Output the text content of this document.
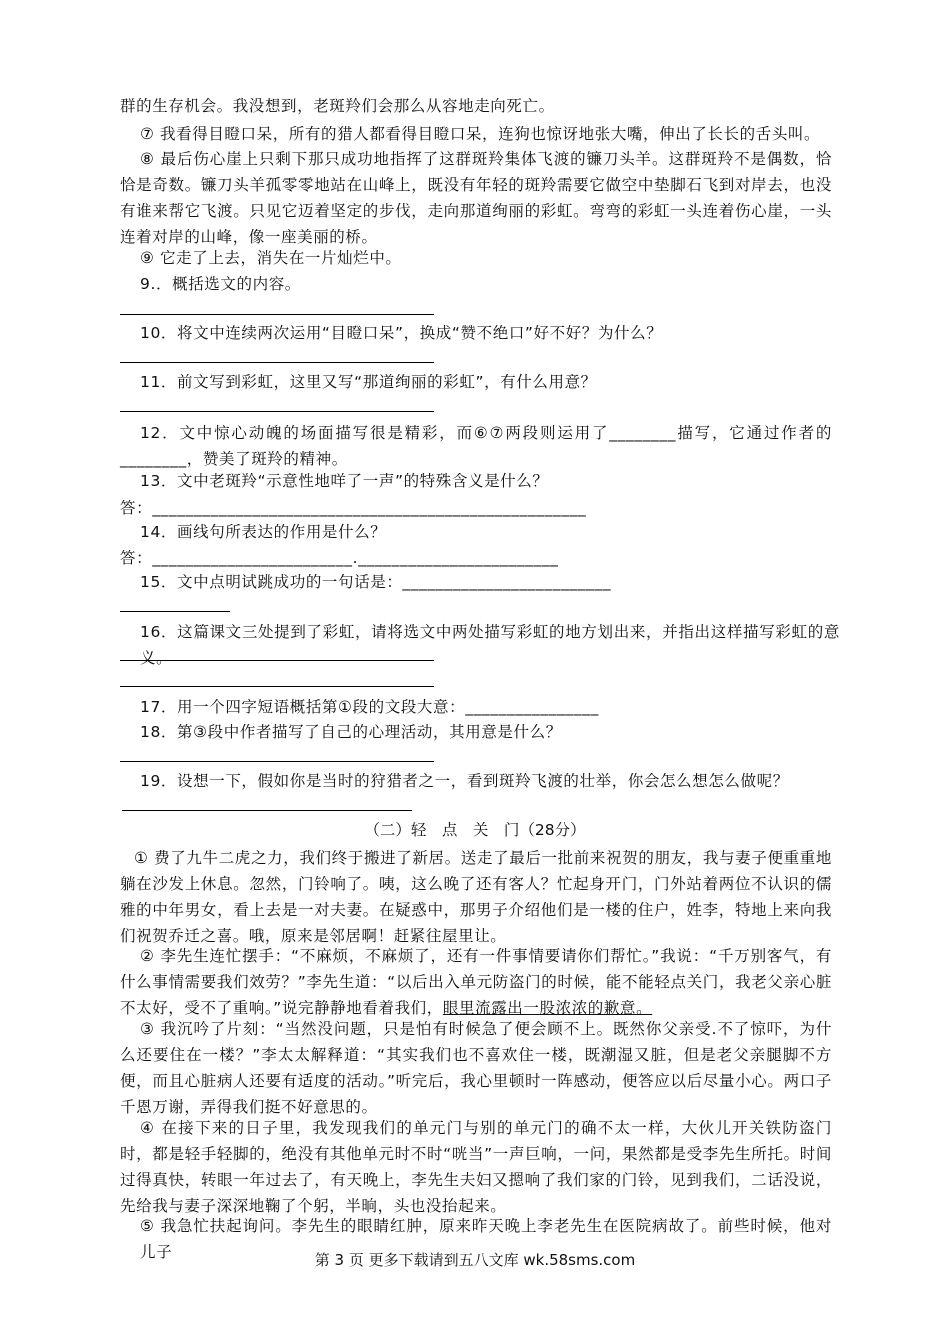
群的生存机会。我没想到，老斑羚们会那么从容地走向死亡。

⑦ 我看得目瞪口呆，所有的猎人都看得目瞪口呆，连狗也惊讶地张大嘴，伸出了长长的舌头叫。

⑧ 最后伤心崖上只剩下那只成功地指挥了这群斑羚集体飞渡的镰刀头羊。这群斑羚不是偶数，恰恰是奇数。镰刀头羊孤零零地站在山峰上，既没有年轻的斑羚需要它做空中垫脚石飞到对岸去，也没有谁来帮它飞渡。只见它迈着坚定的步伐，走向那道绚丽的彩虹。弯弯的彩虹一头连着伤心崖，一头连着对岸的山峰，像一座美丽的桥。

⑨ 它走了上去，消失在一片灿烂中。

9.．概括选文的内容。

10．将文中连续两次运用“目瞪口呆”，换成“赞不绝口”好不好？为什么？

11．前文写到彩虹，这里又写“那道绚丽的彩虹”，有什么用意？

12．文中惊心动魄的场面描写很是精彩，而⑥⑦两段则运用了________描写，它通过作者的________，赞美了斑羚的精神。

13．文中老斑羚“示意性地咩了一声”的特殊含义是什么？

答：____________________________________________________

14．画线句所表达的作用是什么？

答：________________________.________________________

15．文中点明试跳成功的一句话是：_________________________

16．这篇课文三处提到了彩虹，请将选文中两处描写彩虹的地方划出来，并指出这样描写彩虹的意义。

17．用一个四字短语概括第①段的文段大意：________________

18．第③段中作者描写了自己的心理活动，其用意是什么？

19．设想一下，假如你是当时的狩猎者之一，看到斑羚飞渡的壮举，你会怎么想怎么做呢？

（二）轻　点　关　门（28分）

① 费了九牛二虎之力，我们终于搬进了新居。送走了最后一批前来祝贺的朋友，我与妻子便重重地躺在沙发上休息。忽然，门铃响了。咦，这么晚了还有客人？忙起身开门，门外站着两位不认识的儒雅的中年男女，看上去是一对夫妻。在疑惑中，那男子介绍他们是一楼的住户，姓李，特地上来向我们祝贺乔迁之喜。哦，原来是邻居啊！赶紧往屋里让。

② 李先生连忙摆手：“不麻烦，不麻烦了，还有一件事情要请你们帮忙。”我说：“千万别客气，有什么事情需要我们效劳？”李先生道：“以后出入单元防盗门的时候，能不能轻点关门，我老父亲心脏不太好，受不了重响。”说完静静地看着我们，眼里流露出一股浓浓的歉意。

③ 我沉吟了片刻：“当然没问题，只是怕有时候急了便会顾不上。既然你父亲受.不了惊吓，为什么还要住在一楼？”李太太解释道：“其实我们也不喜欢住一楼，既潮湿又脏，但是老父亲腿脚不方便，而且心脏病人还要有适度的活动。”听完后，我心里顿时一阵感动，便答应以后尽量小心。两口子千恩万谢，弄得我们挺不好意思的。

④ 在接下来的日子里，我发现我们的单元门与别的单元门的确不太一样，大伙儿开关铁防盗门时，都是轻手轻脚的，绝没有其他单元时不时“咣当”一声巨响，一问，果然都是受李先生所托。时间过得真快，转眼一年过去了，有天晚上，李先生夫妇又摁响了我们家的门铃，见到我们，二话没说，先给我与妻子深深地鞠了个躬，半晌，头也没抬起来。

⑤ 我急忙扶起询问。李先生的眼睛红肿，原来昨天晚上李老先生在医院病故了。前些时候，他对儿子	第 3 页 更多下载请到五八文库 wk.58sms.com
